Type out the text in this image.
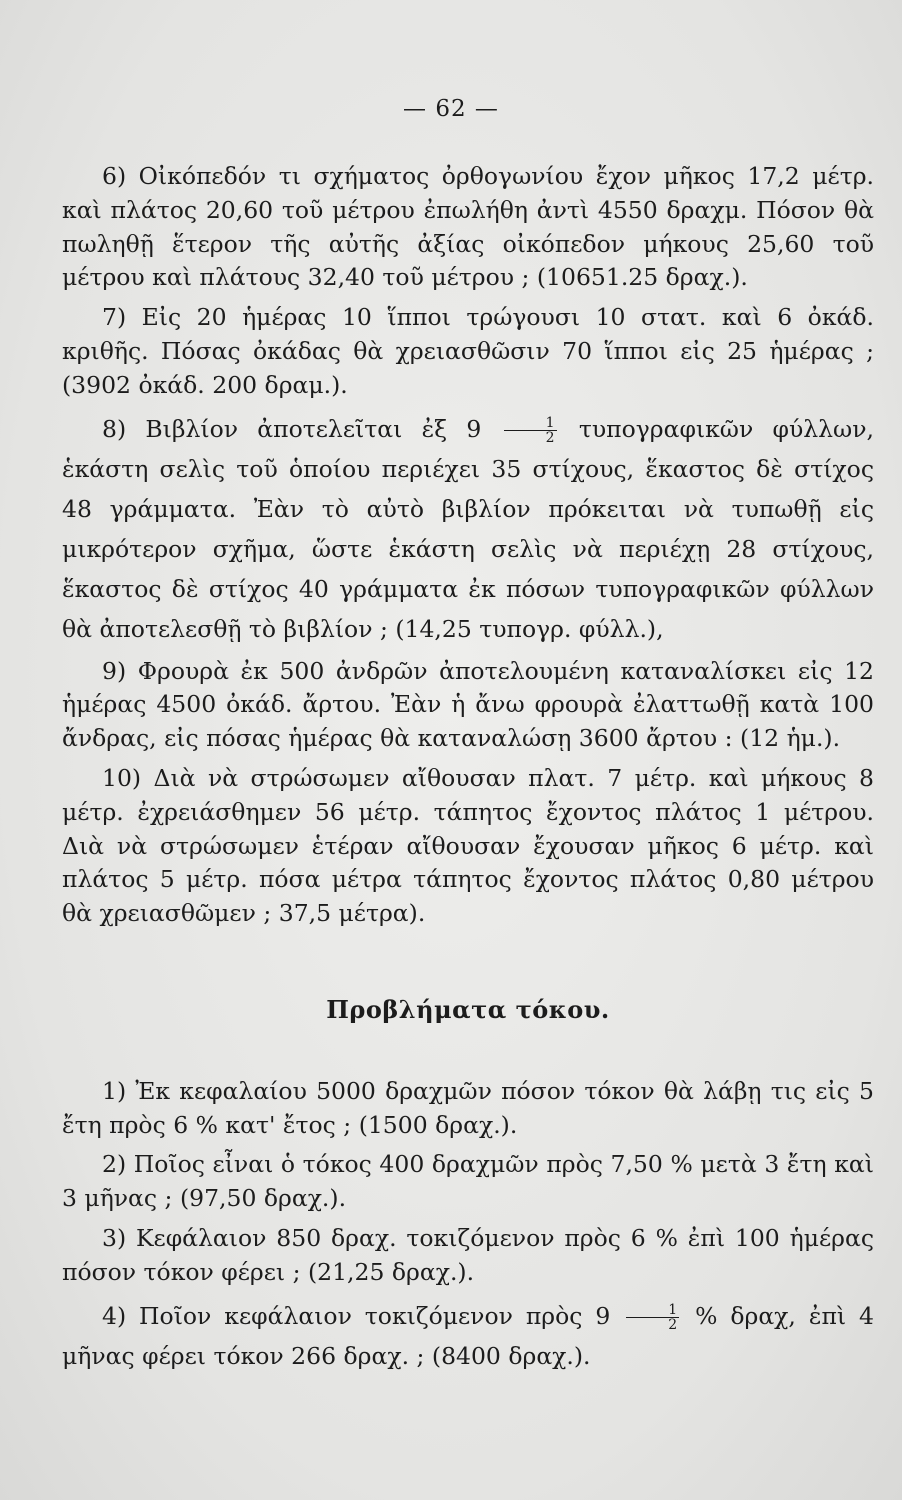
— 62 —

6) Οἰκόπεδόν τι σχήματος ὀρθογωνίου ἔχον μῆκος 17,2 μέτρ. καὶ πλάτος 20,60 τοῦ μέτρου ἐπωλήθη ἀντὶ 4550 δραχμ. Πόσον θὰ πωληθῇ ἕτερον τῆς αὐτῆς ἀξίας οἰκόπεδον μήκους 25,60 τοῦ μέτρου καὶ πλάτους 32,40 τοῦ μέτρου ; (10651.25 δραχ.).

7) Εἰς 20 ἡμέρας 10 ἵπποι τρώγουσι 10 στατ. καὶ 6 ὀκάδ. κριθῆς. Πόσας ὀκάδας θὰ χρειασθῶσιν 70 ἵπποι εἰς 25 ἡμέρας ; (3902 ὀκάδ. 200 δραμ.).

8) Βιβλίον ἀποτελεῖται ἐξ $9 \frac{1}{2}$ τυπογραφικῶν φύλλων, ἑκάστη σελὶς τοῦ ὁποίου περιέχει 35 στίχους, ἕκαστος δὲ στίχος 48 γράμματα. Ἐὰν τὸ αὐτὸ βιβλίον πρόκειται νὰ τυπωθῇ εἰς μικρότερον σχῆμα, ὥστε ἑκάστη σελὶς νὰ περιέχῃ 28 στίχους, ἕκαστος δὲ στίχος 40 γράμματα ἐκ πόσων τυπογραφικῶν φύλλων θὰ ἀποτελεσθῇ τὸ βιβλίον ; (14,25 τυπογρ. φύλλ.),

9) Φρουρὰ ἐκ 500 ἀνδρῶν ἀποτελουμένη καταναλίσκει εἰς 12 ἡμέρας 4500 ὀκάδ. ἄρτου. Ἐὰν ἡ ἄνω φρουρὰ ἐλαττωθῇ κατὰ 100 ἄνδρας, εἰς πόσας ἡμέρας θὰ καταναλώσῃ 3600 ἄρτου : (12 ἡμ.).

10) Διὰ νὰ στρώσωμεν αἴθουσαν πλατ. 7 μέτρ. καὶ μήκους 8 μέτρ. ἐχρειάσθημεν 56 μέτρ. τάπητος ἔχοντος πλάτος 1 μέτρου. Διὰ νὰ στρώσωμεν ἑτέραν αἴθουσαν ἔχουσαν μῆκος 6 μέτρ. καὶ πλάτος 5 μέτρ. πόσα μέτρα τάπητος ἔχοντος πλάτος 0,80 μέτρου θὰ χρειασθῶμεν ; 37,5 μέτρα).

Προβλήματα τόκου.

1) Ἐκ κεφαλαίου 5000 δραχμῶν πόσον τόκον θὰ λάβῃ τις εἰς 5 ἔτη πρὸς 6 % κατ' ἔτος ; (1500 δραχ.).

2) Ποῖος εἶναι ὁ τόκος 400 δραχμῶν πρὸς 7,50 % μετὰ 3 ἔτη καὶ 3 μῆνας ; (97,50 δραχ.).

3) Κεφάλαιον 850 δραχ. τοκιζόμενον πρὸς 6 % ἐπὶ 100 ἡμέρας πόσον τόκον φέρει ; (21,25 δραχ.).

4) Ποῖον κεφάλαιον τοκιζόμενον πρὸς $9 \frac{1}{2}$ % δραχ, ἐπὶ 4 μῆνας φέρει τόκον 266 δραχ. ; (8400 δραχ.).
